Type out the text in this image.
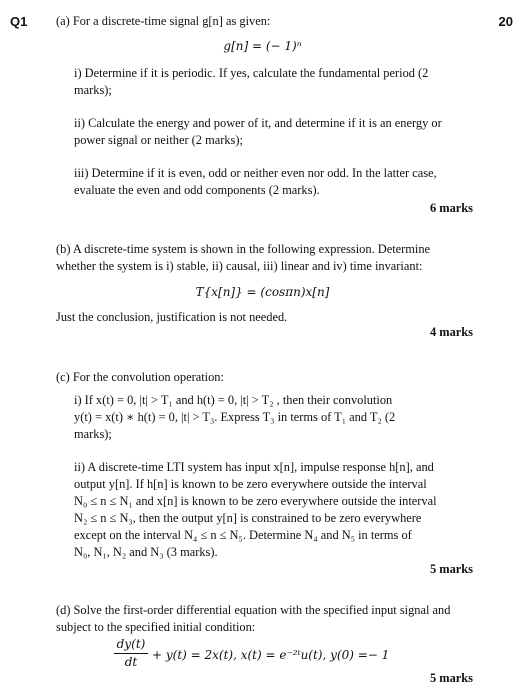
Q1	20
(a) For a discrete-time signal g[n] as given:
g[n] = (− 1)ⁿ
i) Determine if it is periodic. If yes, calculate the fundamental period (2
marks);
ii) Calculate the energy and power of it, and determine if it is an energy or
power signal or neither (2 marks);
iii) Determine if it is even, odd or neither even nor odd. In the latter case,
evaluate the even and odd components (2 marks).
6 marks
(b) A discrete-time system is shown in the following expression. Determine
whether the system is i) stable, ii) causal, iii) linear and iv) time invariant:
T{x[n]} = (cosπn)x[n]
Just the conclusion, justification is not needed.
4 marks
(c) For the convolution operation:
i) If x(t) = 0, |t| > T₁ and h(t) = 0, |t| > T₂ , then their convolution
y(t) = x(t) ∗ h(t) = 0, |t| > T₃. Express T₃ in terms of T₁ and T₂ (2
marks);
ii) A discrete-time LTI system has input x[n], impulse response h[n], and
output y[n]. If h[n] is known to be zero everywhere outside the interval
N₀ ≤ n ≤ N₁ and x[n] is known to be zero everywhere outside the interval
N₂ ≤ n ≤ N₃, then the output y[n] is constrained to be zero everywhere
except on the interval N₄ ≤ n ≤ N₅. Determine N₄ and N₅ in terms of
N₀, N₁, N₂ and N₃ (3 marks).
5 marks
(d) Solve the first-order differential equation with the specified input signal and
subject to the specified initial condition:
$\frac{dy(t)}{dt} + y(t) = 2x(t)$, x(t) = e⁻²ᵗu(t), y(0) =− 1
5 marks
